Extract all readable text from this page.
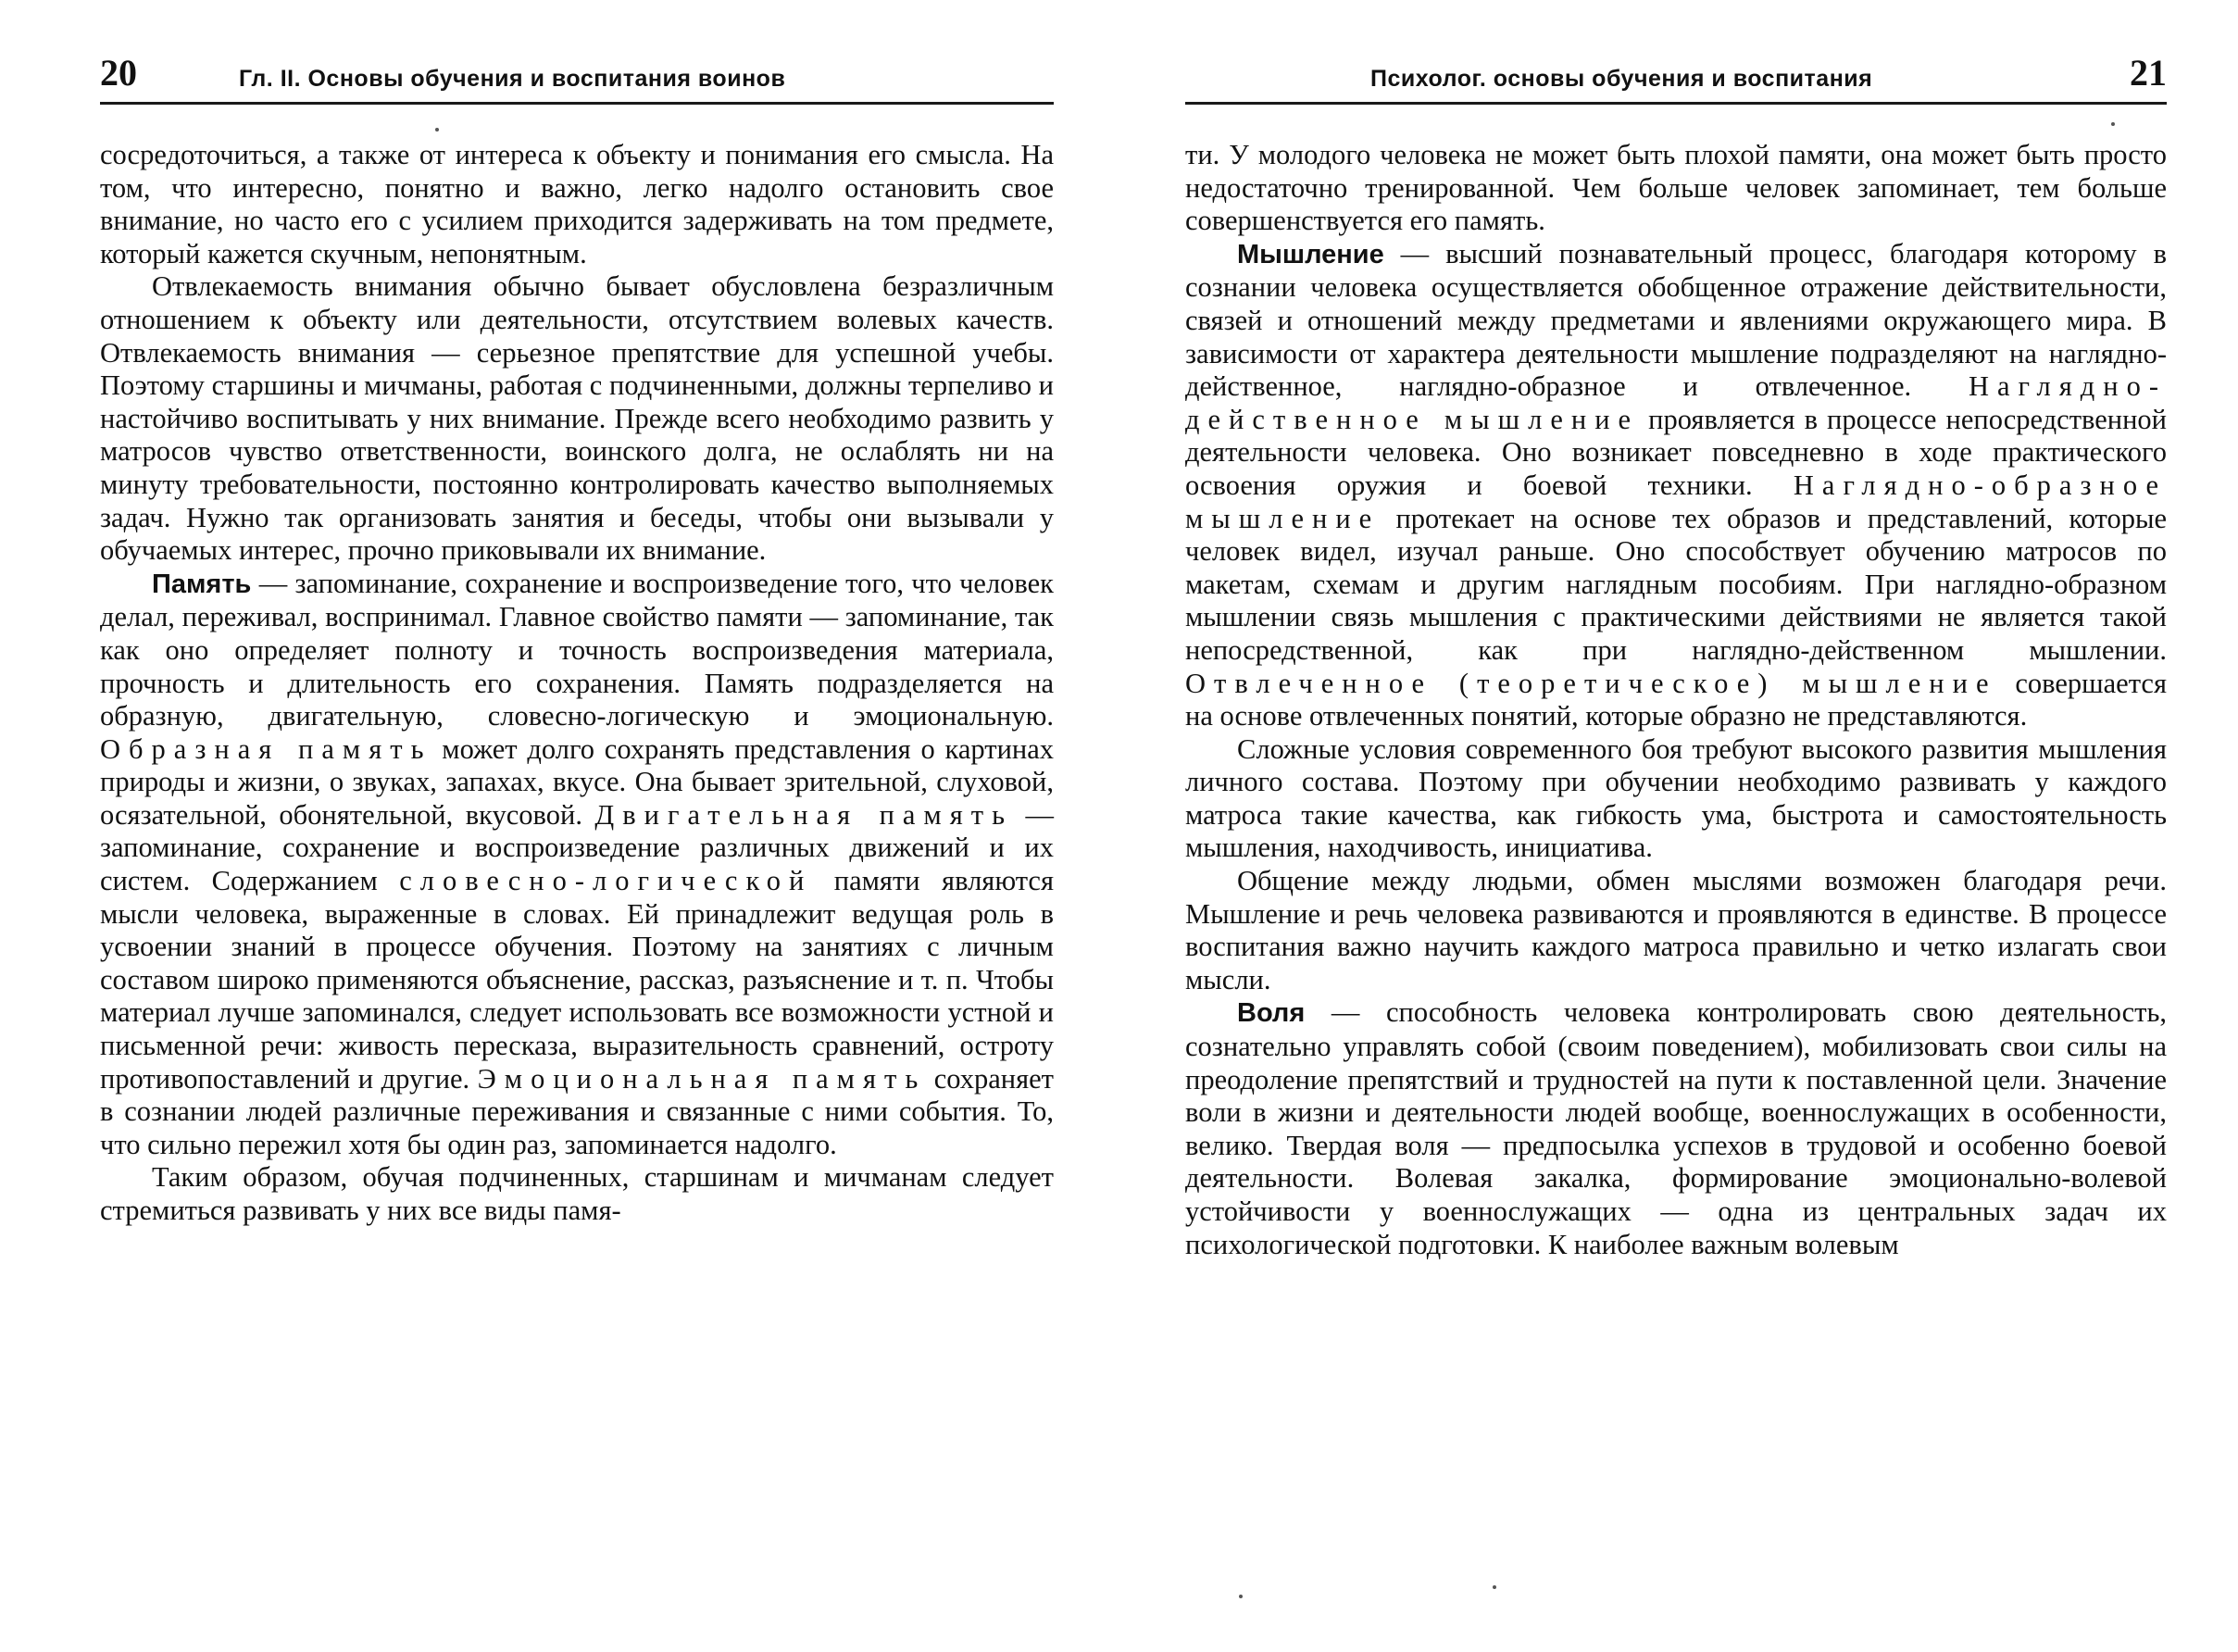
20	Гл. II. Основы обучения и воспитания воинов

сосредоточиться, а также от интереса к объекту и понимания его смысла. На том, что интересно, понятно и важно, легко надолго остановить свое внимание, но часто его с усилием приходится задерживать на том предмете, который кажется скучным, непонятным.

Отвлекаемость внимания обычно бывает обусловлена безразличным отношением к объекту или деятельности, отсутствием волевых качеств. Отвлекаемость внимания — серьезное препятствие для успешной учебы. Поэтому старшины и мичманы, работая с подчиненными, должны терпеливо и настойчиво воспитывать у них внимание. Прежде всего необходимо развить у матросов чувство ответственности, воинского долга, не ослаблять ни на минуту требовательности, постоянно контролировать качество выполняемых задач. Нужно так организовать занятия и беседы, чтобы они вызывали у обучаемых интерес, прочно приковывали их внимание.

Память — запоминание, сохранение и воспроизведение того, что человек делал, переживал, воспринимал. Главное свойство памяти — запоминание, так как оно определяет полноту и точность воспроизведения материала, прочность и длительность его сохранения. Память подразделяется на образную, двигательную, словесно-логическую и эмоциональную. Образная память может долго сохранять представления о картинах природы и жизни, о звуках, запахах, вкусе. Она бывает зрительной, слуховой, осязательной, обонятельной, вкусовой. Двигательная память — запоминание, сохранение и воспроизведение различных движений и их систем. Содержанием словесно-логической памяти являются мысли человека, выраженные в словах. Ей принадлежит ведущая роль в усвоении знаний в процессе обучения. Поэтому на занятиях с личным составом широко применяются объяснение, рассказ, разъяснение и т. п. Чтобы материал лучше запоминался, следует использовать все возможности устной и письменной речи: живость пересказа, выразительность сравнений, остроту противопоставлений и другие. Эмоциональная память сохраняет в сознании людей различные переживания и связанные с ними события. То, что сильно пережил хотя бы один раз, запоминается надолго.

Таким образом, обучая подчиненных, старшинам и мичманам следует стремиться развивать у них все виды памя-

Психолог. основы обучения и воспитания	21

ти. У молодого человека не может быть плохой памяти, она может быть просто недостаточно тренированной. Чем больше человек запоминает, тем больше совершенствуется его память.

Мышление — высший познавательный процесс, благодаря которому в сознании человека осуществляется обобщенное отражение действительности, связей и отношений между предметами и явлениями окружающего мира. В зависимости от характера деятельности мышление подразделяют на наглядно-действенное, наглядно-образное и отвлеченное. Наглядно-действенное мышление проявляется в процессе непосредственной деятельности человека. Оно возникает повседневно в ходе практического освоения оружия и боевой техники. Наглядно-образное мышление протекает на основе тех образов и представлений, которые человек видел, изучал раньше. Оно способствует обучению матросов по макетам, схемам и другим наглядным пособиям. При наглядно-образном мышлении связь мышления с практическими действиями не является такой непосредственной, как при наглядно-действенном мышлении. Отвлеченное (теоретическое) мышление совершается на основе отвлеченных понятий, которые образно не представляются.

Сложные условия современного боя требуют высокого развития мышления личного состава. Поэтому при обучении необходимо развивать у каждого матроса такие качества, как гибкость ума, быстрота и самостоятельность мышления, находчивость, инициатива.

Общение между людьми, обмен мыслями возможен благодаря речи. Мышление и речь человека развиваются и проявляются в единстве. В процессе воспитания важно научить каждого матроса правильно и четко излагать свои мысли.

Воля — способность человека контролировать свою деятельность, сознательно управлять собой (своим поведением), мобилизовать свои силы на преодоление препятствий и трудностей на пути к поставленной цели. Значение воли в жизни и деятельности людей вообще, военнослужащих в особенности, велико. Твердая воля — предпосылка успехов в трудовой и особенно боевой деятельности. Волевая закалка, формирование эмоционально-волевой устойчивости у военнослужащих — одна из центральных задач их психологической подготовки. К наиболее важным волевым
